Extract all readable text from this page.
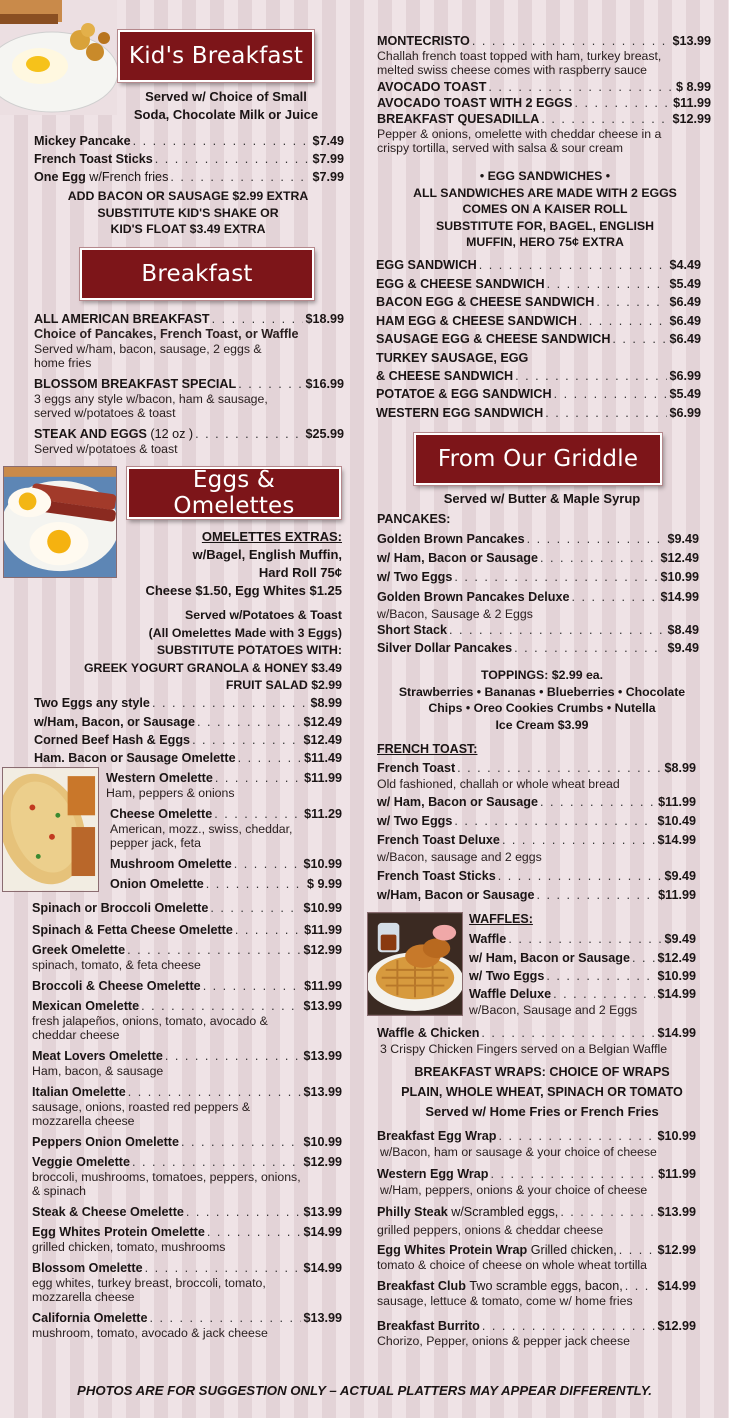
Kid's Breakfast
Served w/ Choice of Small
Soda, Chocolate Milk or Juice
Mickey Pancake . . .	$7.49
French Toast Sticks . . .	$7.99
One Egg w/French fries . . .	$7.99
ADD BACON OR SAUSAGE $2.99 EXTRA
SUBSTITUTE KID'S SHAKE OR
KID'S FLOAT $3.49 EXTRA
Breakfast
ALL AMERICAN BREAKFAST . . .	$18.99
Choice of Pancakes, French Toast, or Waffle
Served w/ham, bacon, sausage, 2 eggs &
home fries
BLOSSOM BREAKFAST SPECIAL . . .	$16.99
3 eggs any style w/bacon, ham & sausage,
served w/potatoes & toast
STEAK AND EGGS (12 oz ) . . .	$25.99
Served w/potatoes & toast
Eggs & Omelettes
OMELETTES EXTRAS:
w/Bagel, English Muffin,
Hard Roll 75¢
Cheese $1.50, Egg Whites $1.25
Served w/Potatoes & Toast
(All Omelettes Made with 3 Eggs)
SUBSTITUTE POTATOES WITH:
GREEK YOGURT GRANOLA & HONEY $3.49
FRUIT SALAD $2.99
Two Eggs any style . . .	$8.99
w/Ham, Bacon, or Sausage . . .	$12.49
Corned Beef Hash & Eggs . . .	$12.49
Ham. Bacon or Sausage Omelette . . .	$11.49
Western Omelette . . .	$11.99
Ham, peppers & onions
Cheese Omelette . . .	$11.29
American, mozz., swiss, cheddar,
pepper jack, feta
Mushroom Omelette . . .	$10.99
Onion Omelette . . .	$ 9.99
Spinach or Broccoli Omelette . . .	$10.99
Spinach & Fetta Cheese Omelette . . .	$11.99
Greek Omelette . . .	$12.99
spinach, tomato, & feta cheese
Broccoli & Cheese Omelette . . .	$11.99
Mexican Omelette . . .	$13.99
fresh jalapeños, onions, tomato, avocado &
cheddar cheese
Meat Lovers Omelette . . .	$13.99
Ham, bacon, & sausage
Italian Omelette . . .	$13.99
sausage, onions, roasted red peppers &
mozzarella cheese
Peppers Onion Omelette . . .	$10.99
Veggie Omelette . . .	$12.99
broccoli, mushrooms, tomatoes, peppers, onions,
& spinach
Steak & Cheese Omelette . . .	$13.99
Egg Whites Protein Omelette . . .	$14.99
grilled chicken, tomato, mushrooms
Blossom Omelette . . .	$14.99
egg whites, turkey breast, broccoli, tomato,
mozzarella cheese
California Omelette . . .	$13.99
mushroom, tomato, avocado & jack cheese
MONTECRISTO . . .	$13.99
Challah french toast topped with ham, turkey breast,
melted swiss cheese comes with raspberry sauce
AVOCADO TOAST . . .	$ 8.99
AVOCADO TOAST WITH 2 EGGS . . .	$11.99
BREAKFAST QUESADILLA . . .	$12.99
Pepper & onions, omelette with cheddar cheese in a
crispy tortilla, served with salsa & sour cream
• EGG SANDWICHES •
ALL SANDWICHES ARE MADE WITH 2 EGGS
COMES ON A KAISER ROLL
SUBSTITUTE FOR, BAGEL, ENGLISH
MUFFIN, HERO 75¢ EXTRA
EGG SANDWICH . . .	$4.49
EGG & CHEESE SANDWICH . . .	$5.49
BACON EGG & CHEESE SANDWICH . . .	$6.49
HAM EGG & CHEESE SANDWICH . . .	$6.49
SAUSAGE EGG & CHEESE SANDWICH . . .	$6.49
TURKEY SAUSAGE, EGG
& CHEESE SANDWICH . . .	$6.99
POTATOE & EGG SANDWICH . . .	$5.49
WESTERN EGG SANDWICH . . .	$6.99
From Our Griddle
Served w/ Butter & Maple Syrup
PANCAKES:
Golden Brown Pancakes . . .	$9.49
w/ Ham, Bacon or Sausage . . .	$12.49
w/ Two Eggs . . .	$10.99
Golden Brown Pancakes Deluxe . . .	$14.99
w/Bacon, Sausage & 2 Eggs
Short Stack . . .	$8.49
Silver Dollar Pancakes . . .	$9.49
TOPPINGS: $2.99 ea.
Strawberries • Bananas • Blueberries • Chocolate
Chips • Oreo Cookies Crumbs • Nutella
Ice Cream $3.99
FRENCH TOAST:
French Toast . . .	$8.99
Old fashioned, challah or whole wheat bread
w/ Ham, Bacon or Sausage . . .	$11.99
w/ Two Eggs . . .	$10.49
French Toast Deluxe . . .	$14.99
w/Bacon, sausage and 2 eggs
French Toast Sticks . . .	$9.49
w/Ham, Bacon or Sausage . . .	$11.99
WAFFLES:
Waffle . . .	$9.49
w/ Ham, Bacon or Sausage . . . $12.49
w/ Two Eggs . . .	$10.99
Waffle Deluxe . . .	$14.99
w/Bacon, Sausage and 2 Eggs
Waffle & Chicken . . .	$14.99
3 Crispy Chicken Fingers served on a Belgian Waffle
BREAKFAST WRAPS: CHOICE OF WRAPS
PLAIN, WHOLE WHEAT, SPINACH OR TOMATO
Served w/ Home Fries or French Fries
Breakfast Egg Wrap . . .	$10.99
w/Bacon, ham or sausage & your choice of cheese
Western Egg Wrap . . .	$11.99
w/Ham, peppers, onions & your choice of cheese
Philly Steak w/Scrambled eggs, . . .	$13.99
grilled peppers, onions & cheddar cheese
Egg Whites Protein Wrap Grilled chicken, . . .	$12.99
tomato & choice of cheese on whole wheat tortilla
Breakfast Club Two scramble eggs, bacon, . . .	$14.99
sausage, lettuce & tomato, come w/ home fries
Breakfast Burrito . . .	$12.99
Chorizo, Pepper, onions & pepper jack cheese
PHOTOS ARE FOR SUGGESTION ONLY – ACTUAL PLATTERS MAY APPEAR DIFFERENTLY.
